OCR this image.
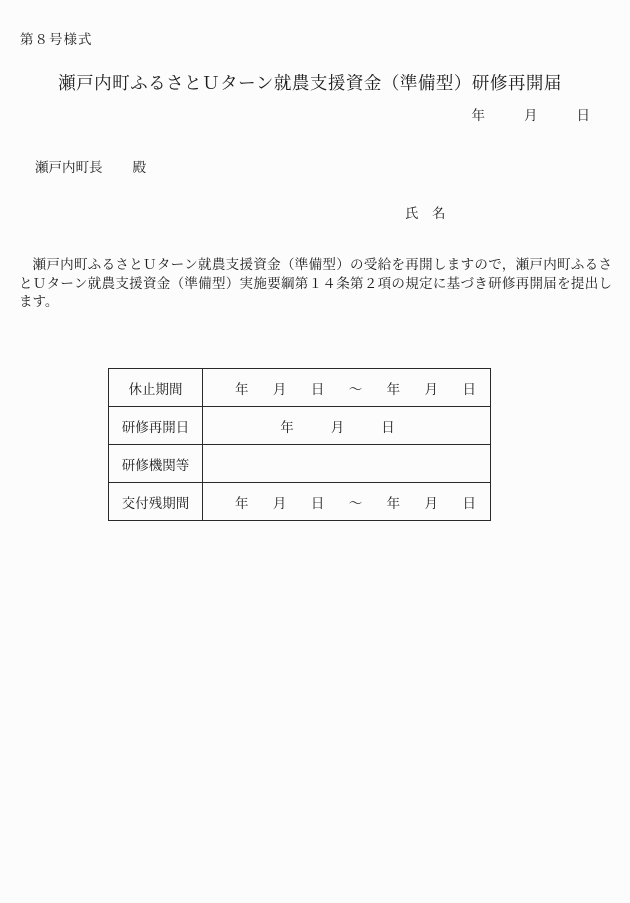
第８号様式
瀬戸内町ふるさとＵターン就農支援資金（準備型）研修再開届
年	月	日
瀬戸内町長 殿
氏　名

瀬戸内町ふるさとＵターン就農支援資金（準備型）の受給を再開しますので，瀬戸内町ふるさとＵターン就農支援資金（準備型）実施要綱第１４条第２項の規定に基づき研修再開届を提出します。

休止期間	年 月 日 ～ 年 月 日

研修再開日	年 月 日

研修機関等	

交付残期間	年 月 日 ～ 年 月 日
